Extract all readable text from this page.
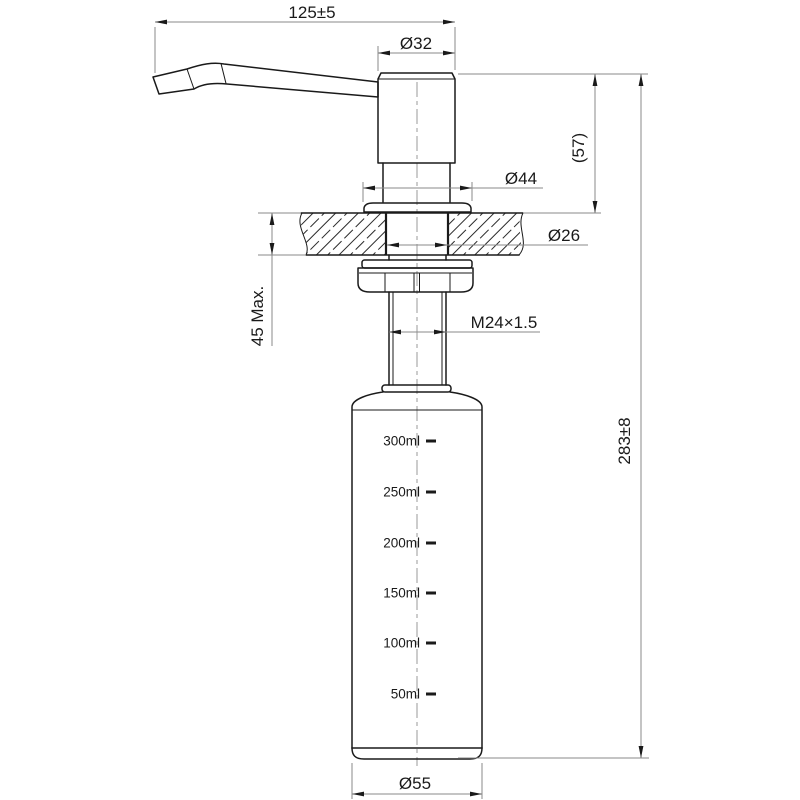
300ml
250ml
200ml
150ml
100ml
50ml
125±5
Ø32
Ø44
Ø26
45 Max.	M24×1.5
(57)
283±8
Ø55
